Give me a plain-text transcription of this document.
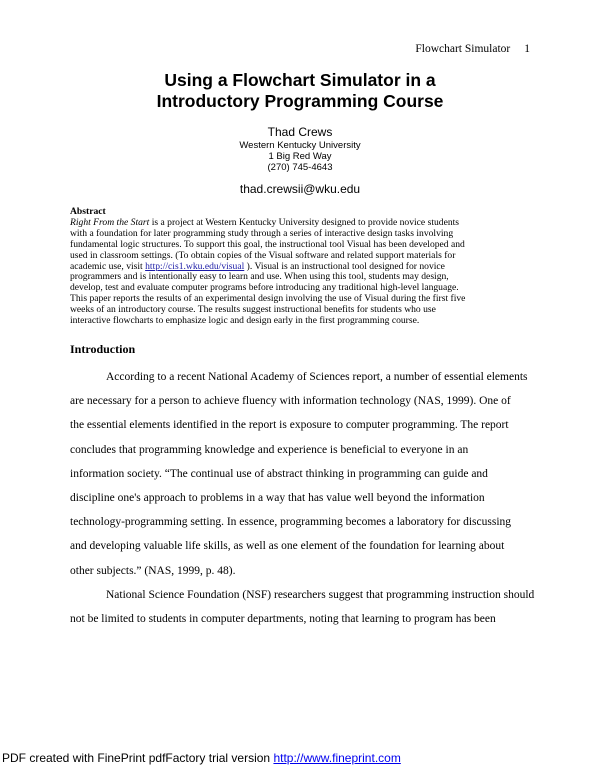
Flowchart Simulator 1
Using a Flowchart Simulator in a
Introductory Programming Course
Thad Crews
Western Kentucky University
1 Big Red Way
(270) 745-4643
thad.crewsii@wku.edu
Abstract
Right From the Start is a project at Western Kentucky University designed to provide novice students
with a foundation for later programming study through a series of interactive design tasks involving
fundamental logic structures. To support this goal, the instructional tool Visual has been developed and
used in classroom settings. (To obtain copies of the Visual software and related support materials for
academic use, visit http://cis1.wku.edu/visual ). Visual is an instructional tool designed for novice
programmers and is intentionally easy to learn and use. When using this tool, students may design,
develop, test and evaluate computer programs before introducing any traditional high-level language.
This paper reports the results of an experimental design involving the use of Visual during the first five
weeks of an introductory course. The results suggest instructional benefits for students who use
interactive flowcharts to emphasize logic and design early in the first programming course.
Introduction
According to a recent National Academy of Sciences report, a number of essential elements
are necessary for a person to achieve fluency with information technology (NAS, 1999). One of
the essential elements identified in the report is exposure to computer programming. The report
concludes that programming knowledge and experience is beneficial to everyone in an
information society. “The continual use of abstract thinking in programming can guide and
discipline one's approach to problems in a way that has value well beyond the information
technology-programming setting. In essence, programming becomes a laboratory for discussing
and developing valuable life skills, as well as one element of the foundation for learning about
other subjects.” (NAS, 1999, p. 48).
National Science Foundation (NSF) researchers suggest that programming instruction should
not be limited to students in computer departments, noting that learning to program has been
PDF created with FinePrint pdfFactory trial version http://www.fineprint.com
